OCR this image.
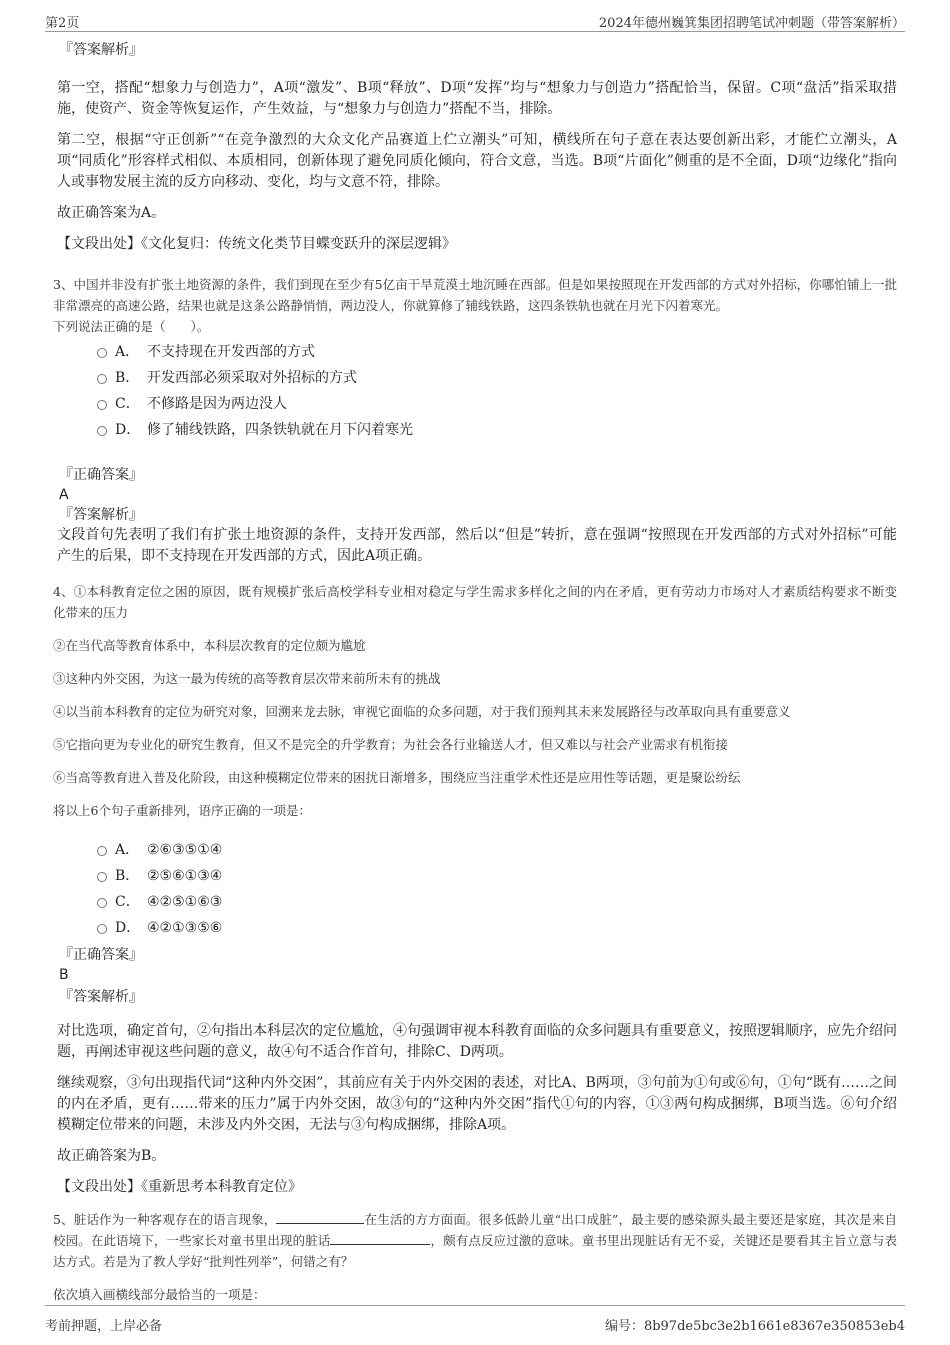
第2页	2024年德州巍箕集团招聘笔试冲刺题（带答案解析）
『答案解析』
第一空，搭配“想象力与创造力”，A项“激发”、B项“释放”、D项“发挥”均与“想象力与创造力”搭配恰当，保留。C项“盘活”指采取措施，使资产、资金等恢复运作，产生效益，与“想象力与创造力”搭配不当，排除。
第二空，根据“守正创新”“在竞争激烈的大众文化产品赛道上伫立潮头”可知，横线所在句子意在表达要创新出彩，才能伫立潮头，A项“同质化”形容样式相似、本质相同，创新体现了避免同质化倾向，符合文意，当选。B项“片面化”侧重的是不全面，D项“边缘化”指向人或事物发展主流的反方向移动、变化，均与文意不符，排除。
故正确答案为A。
【文段出处】《文化复归：传统文化类节目蝶变跃升的深层逻辑》
3、中国并非没有扩张土地资源的条件，我们到现在至少有5亿亩干旱荒漠土地沉睡在西部。但是如果按照现在开发西部的方式对外招标，你哪怕铺上一批非常漂亮的高速公路，结果也就是这条公路静悄悄，两边没人，你就算修了辅线铁路，这四条铁轨也就在月光下闪着寒光。
下列说法正确的是（　　）。
A． 不支持现在开发西部的方式
B． 开发西部必须采取对外招标的方式
C． 不修路是因为两边没人
D． 修了辅线铁路，四条铁轨就在月下闪着寒光
『正确答案』
A
『答案解析』
文段首句先表明了我们有扩张土地资源的条件，支持开发西部，然后以“但是”转折，意在强调“按照现在开发西部的方式对外招标”可能产生的后果，即不支持现在开发西部的方式，因此A项正确。
4、①本科教育定位之困的原因，既有规模扩张后高校学科专业相对稳定与学生需求多样化之间的内在矛盾，更有劳动力市场对人才素质结构要求不断变化带来的压力
②在当代高等教育体系中，本科层次教育的定位颇为尴尬
③这种内外交困，为这一最为传统的高等教育层次带来前所未有的挑战
④以当前本科教育的定位为研究对象，回溯来龙去脉，审视它面临的众多问题，对于我们预判其未来发展路径与改革取向具有重要意义
⑤它指向更为专业化的研究生教育，但又不是完全的升学教育；为社会各行业输送人才，但又难以与社会产业需求有机衔接
⑥当高等教育进入普及化阶段，由这种模糊定位带来的困扰日渐增多，围绕应当注重学术性还是应用性等话题，更是聚讼纷纭
将以上6个句子重新排列，语序正确的一项是：
A． ②⑥③⑤①④
B． ②⑤⑥①③④
C． ④②⑤①⑥③
D． ④②①③⑤⑥
『正确答案』
B
『答案解析』
对比选项，确定首句，②句指出本科层次的定位尴尬，④句强调审视本科教育面临的众多问题具有重要意义，按照逻辑顺序，应先介绍问题，再阐述审视这些问题的意义，故④句不适合作首句，排除C、D两项。
继续观察，③句出现指代词“这种内外交困”，其前应有关于内外交困的表述，对比A、B两项，③句前为①句或⑥句，①句“既有……之间的内在矛盾，更有……带来的压力”属于内外交困，故③句的“这种内外交困”指代①句的内容，①③两句构成捆绑，B项当选。⑥句介绍模糊定位带来的问题，未涉及内外交困，无法与③句构成捆绑，排除A项。
故正确答案为B。
【文段出处】《重新思考本科教育定位》
5、脏话作为一种客观存在的语言现象，	在生活的方方面面。很多低龄儿童“出口成脏”，最主要的感染源头最主要还是家庭，其次是来自校园。在此语境下，一些家长对童书里出现的脏话	，颇有点反应过激的意味。童书里出现脏话有无不妥，关键还是要看其主旨立意与表达方式。若是为了教人学好“批判性列举”，何错之有？
依次填入画横线部分最恰当的一项是：
考前押题，上岸必备	编号：8b97de5bc3e2b1661e8367e350853eb4
